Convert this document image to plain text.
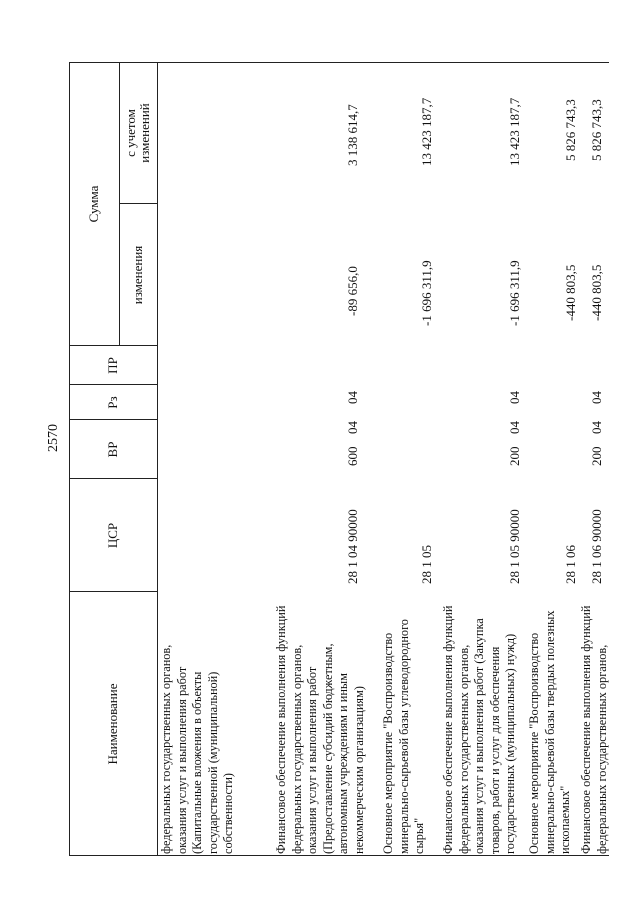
2570
Наименование
ЦСР
ВР
Рз
ПР
Сумма
изменения
с учетом изменений
федеральных государственных органов, оказания услуг и выполнения работ (Капитальные вложения в объекты государственной (муниципальной) собственности)
28 1 04 90000
600
04
04
-89 656,0
3 138 614,7
Финансовое обеспечение выполнения функций федеральных государственных органов, оказания услуг и выполнения работ (Предоставление субсидий бюджетным, автономным учреждениям и иным некоммерческим организациям) Основное мероприятие "Воспроизводство минерально-сырьевой базы углеводородного сырья"
28 1 05
-1 696 311,9
13 423 187,7
Финансовое обеспечение выполнения функций федеральных государственных органов, оказания услуг и выполнения работ (Закупка товаров, работ и услуг для обеспечения государственных (муниципальных) нужд)
28 1 05 90000
200
04
04
-1 696 311,9
13 423 187,7
Основное мероприятие "Воспроизводство минерально-сырьевой базы твердых полезных ископаемых"
28 1 06
-440 803,5
5 826 743,3
Финансовое обеспечение выполнения функций федеральных государственных органов,
28 1 06 90000
200
04
04
-440 803,5
5 826 743,3
